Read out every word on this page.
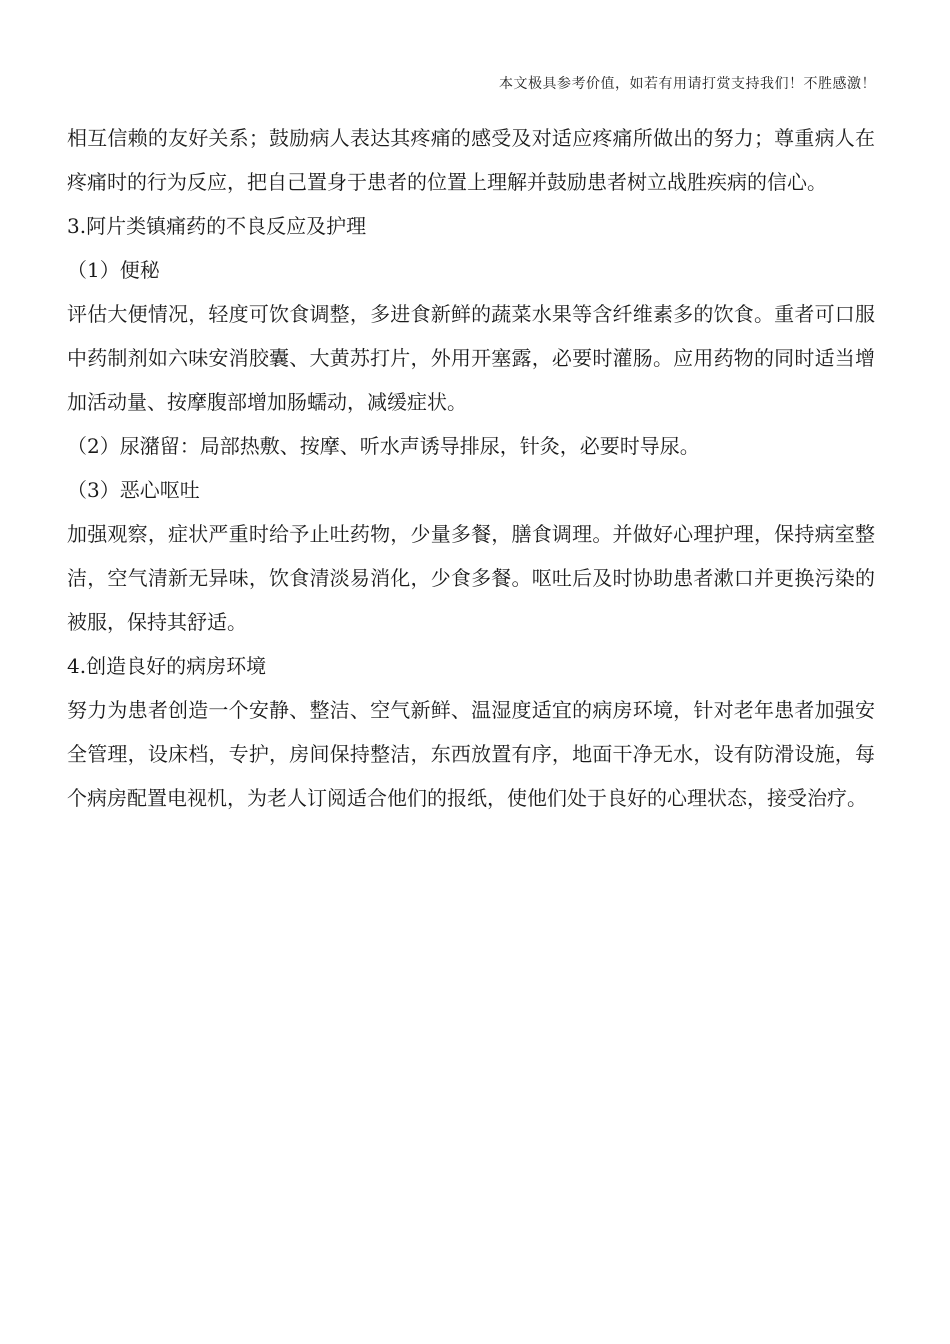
本文极具参考价值，如若有用请打赏支持我们！不胜感激！

相互信赖的友好关系；鼓励病人表达其疼痛的感受及对适应疼痛所做出的努力；尊重病人在疼痛时的行为反应，把自己置身于患者的位置上理解并鼓励患者树立战胜疾病的信心。

3.阿片类镇痛药的不良反应及护理

（1）便秘

评估大便情况，轻度可饮食调整，多进食新鲜的蔬菜水果等含纤维素多的饮食。重者可口服中药制剂如六味安消胶囊、大黄苏打片，外用开塞露，必要时灌肠。应用药物的同时适当增加活动量、按摩腹部增加肠蠕动，减缓症状。

（2）尿潴留：局部热敷、按摩、听水声诱导排尿，针灸，必要时导尿。

（3）恶心呕吐

加强观察，症状严重时给予止吐药物，少量多餐，膳食调理。并做好心理护理，保持病室整洁，空气清新无异味，饮食清淡易消化，少食多餐。呕吐后及时协助患者漱口并更换污染的被服，保持其舒适。

4.创造良好的病房环境

努力为患者创造一个安静、整洁、空气新鲜、温湿度适宜的病房环境，针对老年患者加强安全管理，设床档，专护，房间保持整洁，东西放置有序，地面干净无水，设有防滑设施，每个病房配置电视机，为老人订阅适合他们的报纸，使他们处于良好的心理状态，接受治疗。
